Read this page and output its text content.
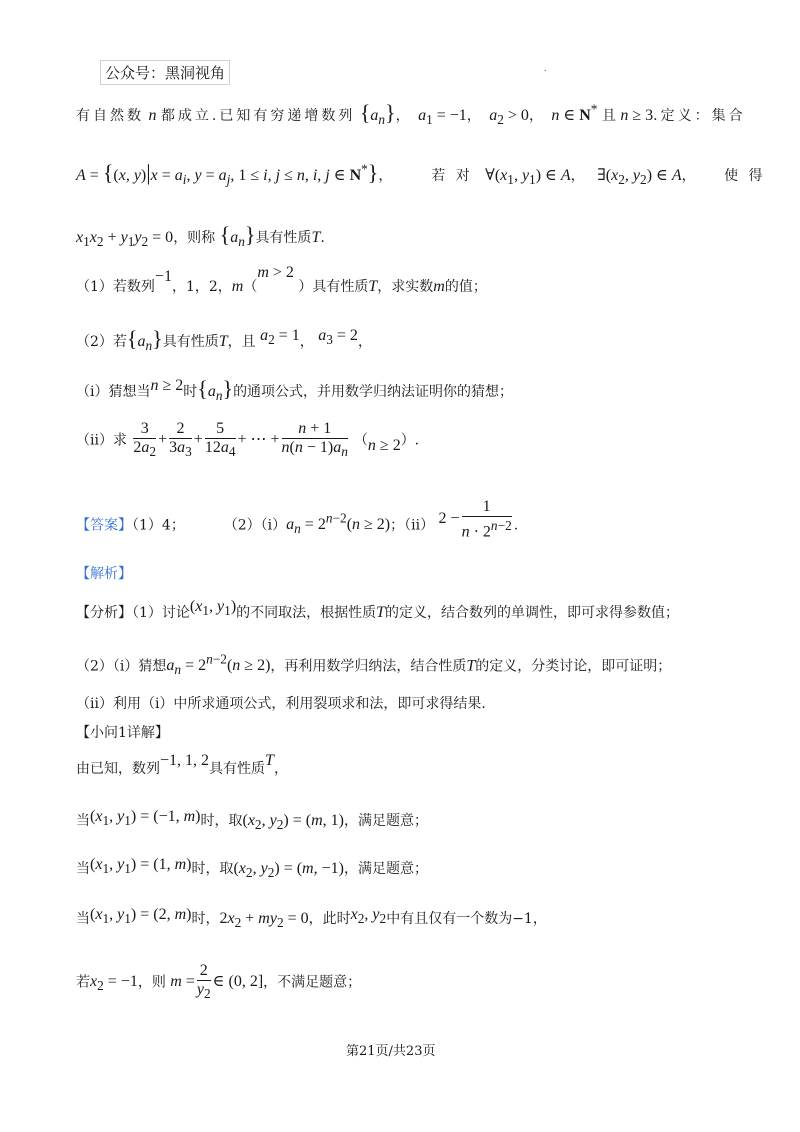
公众号：黑洞视角	.
有自然数 n 都成立.已知有穷递增数列 $\{a_n\}$，  $a_1 = -1$，  $a_2 > 0$，  n ∈ N* 且 n ≥ 3.定义：集合
A = {(x, $y)|x = a_i$, $y = a_j$, 1 ≤ i, j ≤ n, i, j ∈ N*}，  若 对   $\forall(x_1$, $y_1$) ∈ A，   $\exists(x_2$, $y_2$) ∈ A， 使 得
$x_1x_2 + y_1y_2 = 0$，则称 $\{a_n\}$具有性质T.
（1）若数列−1，1，2，m（m > 2 ）具有性质T，求实数m的值；
（2）若$\{a_n\}$具有性质T，且 $a_2 = 1$， $a_3 = 2$，
（i）猜想当n ≥ 2时$\{a_n\}$的通项公式，并用数学归纳法证明你的猜想；
（ii）求 $\frac{3}{2a_2} + \frac{2}{3a_3} + \frac{5}{12a_4}$ + ⋯ + $\frac{n + 1}{n(n - 1)a_n} (n \ge 2)$.
【答案】（1）4；	$(2)(i)a_n = 2^{n-2}(n \ge 2)$；（ii） $2 - \frac{1}{n \cdot 2^{n-2}}$ .
【解析】
【分析】（1）讨论($x_1$, $y_1$)的不同取法，根据性质T的定义，结合数列的单调性，即可求得参数值；
（2）（i）猜想$a_n = 2^{n-2}(n \ge 2)$，再利用数学归纳法，结合性质T的定义，分类讨论，即可证明；
（ii）利用（i）中所求通项公式，利用裂项求和法，即可求得结果.
【小问1详解】
由已知，数列−1, 1, 2具有性质T，
当($x_1$, $y_1) = (-1$, m)时，取($x_2$, $y_2) = (m$, 1)，满足题意；
当($x_1$, $y_1) = (1$, m)时，取($x_2$, $y_2) = (m$, −1)，满足题意；
当($x_1$, $y_1) = (2$, m)时，$2x_2 + my_2 = 0$，此时$x_2$, $y_2$中有且仅有一个数为−1，
若$x_2 = -1$，则 $m = \frac{2}{y_2}$ ∈ (0, 2]，不满足题意；
第21页/共23页
